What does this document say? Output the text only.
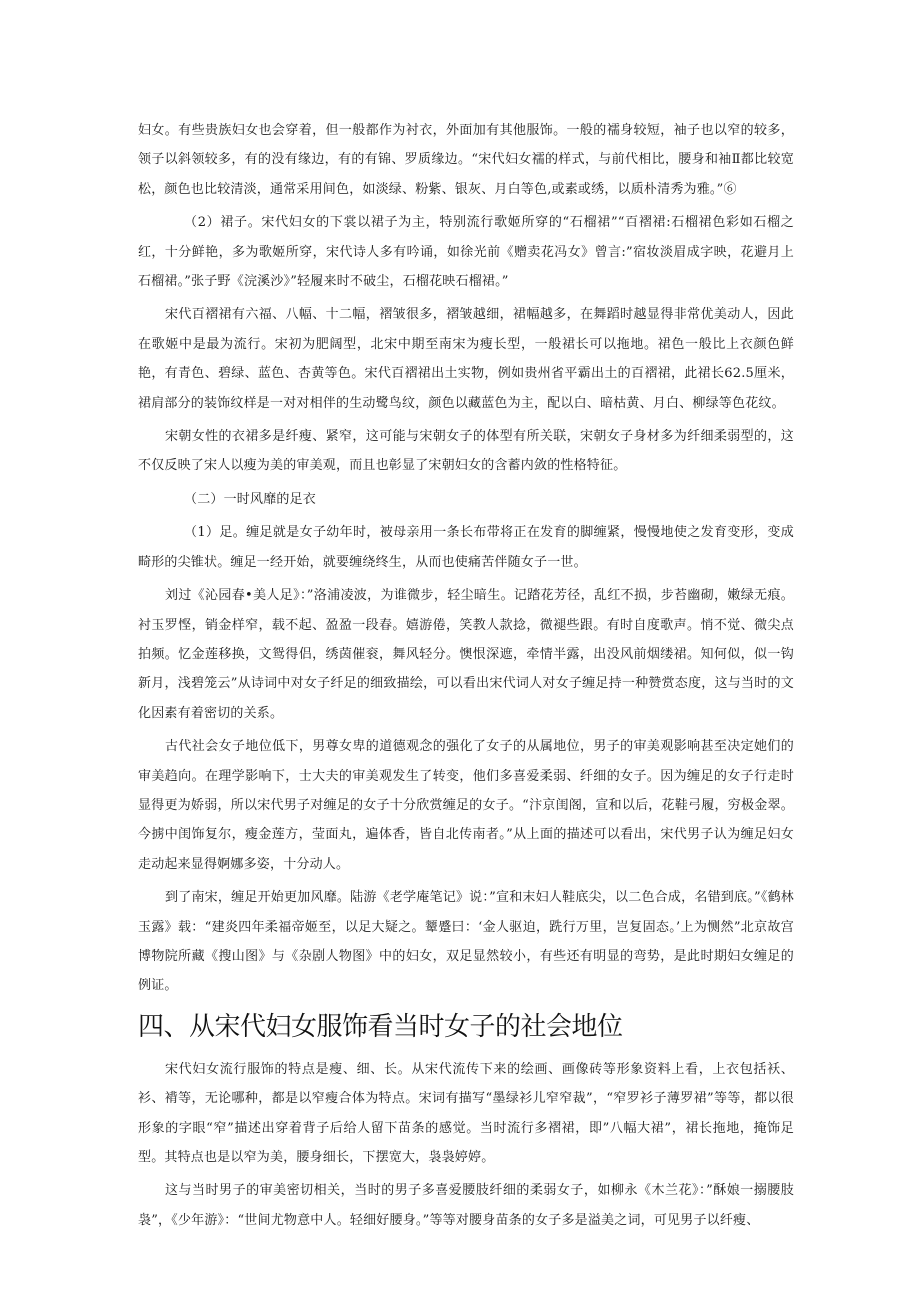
妇女。有些贵族妇女也会穿着，但一般都作为衬衣，外面加有其他服饰。一般的襦身较短，袖子也以窄的较多，领子以斜领较多，有的没有缘边，有的有锦、罗质缘边。“宋代妇女襦的样式，与前代相比，腰身和袖Ⅱ都比较宽松，颜色也比较清淡，通常采用间色，如淡绿、粉紫、银灰、月白等色,或素或绣，以质朴清秀为雅。”⑥

（2）裙子。宋代妇女的下裳以裙子为主，特别流行歌姬所穿的“石榴裙”“百褶裙:石榴裙色彩如石榴之红，十分鲜艳，多为歌姬所穿，宋代诗人多有吟诵，如徐光前《赠卖花冯女》曾言:”宿妆淡眉成字映，花避月上石榴裙。”张子野《浣溪沙》”轻履来时不破尘，石榴花映石榴裙。”

宋代百褶裙有六福、八幅、十二幅，褶皱很多，褶皱越细，裙幅越多，在舞蹈时越显得非常优美动人，因此在歌姬中是最为流行。宋初为肥阔型，北宋中期至南宋为瘦长型，一般裙长可以拖地。裙色一般比上衣颜色鲜艳，有青色、碧绿、蓝色、杏黄等色。宋代百褶裙出土实物，例如贵州省平霸出土的百褶裙，此裙长62.5厘米，裙肩部分的装饰纹样是一对对相伴的生动鹭鸟纹，颜色以藏蓝色为主，配以白、暗枯黄、月白、柳绿等色花纹。

宋朝女性的衣裙多是纤瘦、紧窄，这可能与宋朝女子的体型有所关联，宋朝女子身材多为纤细柔弱型的，这不仅反映了宋人以瘦为美的审美观，而且也彰显了宋朝妇女的含蓄内敛的性格特征。

（二）一时风靡的足衣

（1）足。缠足就是女子幼年时，被母亲用一条长布带将正在发育的脚缠紧，慢慢地使之发育变形，变成畸形的尖锥状。缠足一经开始，就要缠绕终生，从而也使痛苦伴随女子一世。

刘过《沁园春•美人足》：”洛浦凌波，为谁微步，轻尘暗生。记踏花芳径，乱红不损，步苔幽砌，嫩绿无痕。衬玉罗悭，销金样窄，载不起、盈盈一段春。嬉游倦，笑教人款捻，微褪些跟。有时自度歌声。悄不觉、微尖点拍频。忆金莲移换，文鸳得侣，绣茵催衮，舞风轻分。懊恨深遮，牵情半露，出没风前烟缕裙。知何似，似一钩新月，浅碧笼云”从诗词中对女子纤足的细致描绘，可以看出宋代词人对女子缠足持一种赞赏态度，这与当时的文化因素有着密切的关系。

古代社会女子地位低下，男尊女卑的道德观念的强化了女子的从属地位，男子的审美观影响甚至决定她们的审美趋向。在理学影响下，士大夫的审美观发生了转变，他们多喜爱柔弱、纤细的女子。因为缠足的女子行走时显得更为娇弱，所以宋代男子对缠足的女子十分欣赏缠足的女子。“汴京闺阁，宣和以后，花鞋弓履，穷极金翠。今掳中闺饰复尔，瘦金莲方，莹面丸，遍体香，皆自北传南者。”从上面的描述可以看出，宋代男子认为缠足妇女走动起来显得婀娜多姿，十分动人。

到了南宋，缠足开始更加风靡。陆游《老学庵笔记》说：”宣和末妇人鞋底尖，以二色合成，名错到底。”《鹤林玉露》载：“建炎四年柔福帝姬至，以足大疑之。颦蹙曰：‘金人驱迫，跣行万里，岂复固态。’上为恻然”北京故宫博物院所藏《搜山图》与《杂剧人物图》中的妇女，双足显然较小，有些还有明显的弯势，是此时期妇女缠足的例证。

四、从宋代妇女服饰看当时女子的社会地位

宋代妇女流行服饰的特点是瘦、细、长。从宋代流传下来的绘画、画像砖等形象资料上看，上衣包括袄、衫、褙等，无论哪种，都是以窄瘦合体为特点。宋词有描写“墨绿衫儿窄窄裁”，“窄罗衫子薄罗裙”等等，都以很形象的字眼“窄”描述出穿着背子后给人留下苗条的感觉。当时流行多褶裙，即”八幅大裙”，裙长拖地，掩饰足型。其特点也是以窄为美，腰身细长，下摆宽大，袅袅婷婷。

这与当时男子的审美密切相关，当时的男子多喜爱腰肢纤细的柔弱女子，如柳永《木兰花》：”酥娘一搦腰肢袅”，《少年游》：“世间尤物意中人。轻细好腰身。”等等对腰身苗条的女子多是溢美之词，可见男子以纤瘦、
